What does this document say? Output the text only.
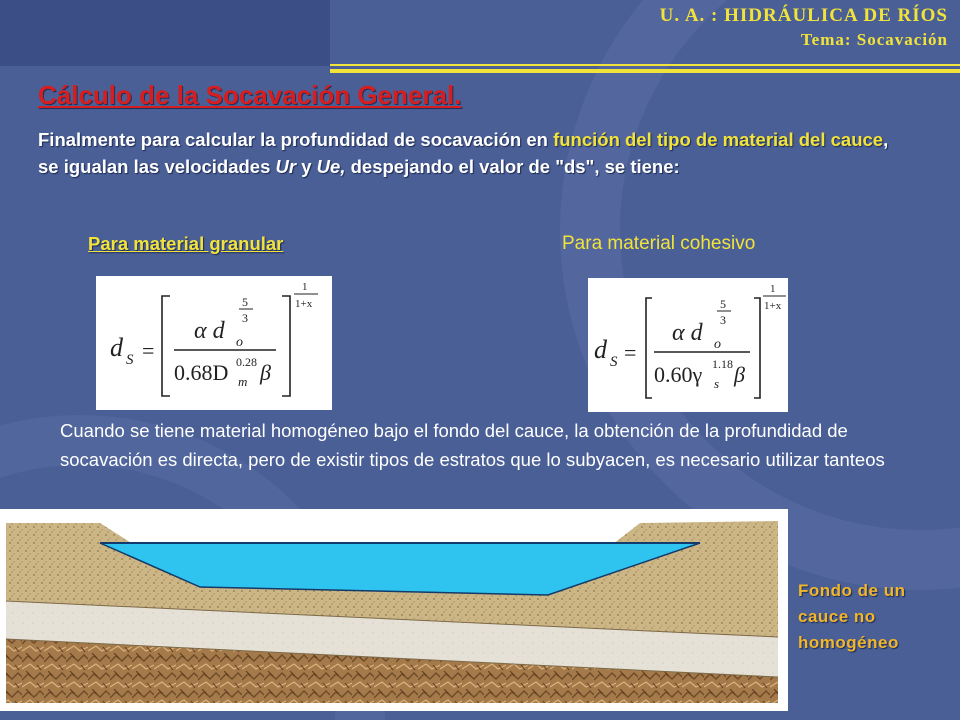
U. A. : HIDRÁULICA DE RÍOS
Tema: Socavación
Cálculo de la Socavación General.
Finalmente para calcular la profundidad de socavación en función del tipo de material del cauce, se igualan las velocidades Ur y Ue, despejando el valor de "ds", se tiene:
Para material granular	Para material cohesivo
d S =
α d o
5
3
0.68D m
0.28 β
1
1+x
d S =
α d o
5
3
0.60γ s
1.18 β
1
1+x
Cuando se tiene material homogéneo bajo el fondo del cauce, la obtención de la profundidad de socavación es directa, pero de existir tipos de estratos que lo subyacen, es necesario utilizar tanteos
Fondo de un cauce no homogéneo
